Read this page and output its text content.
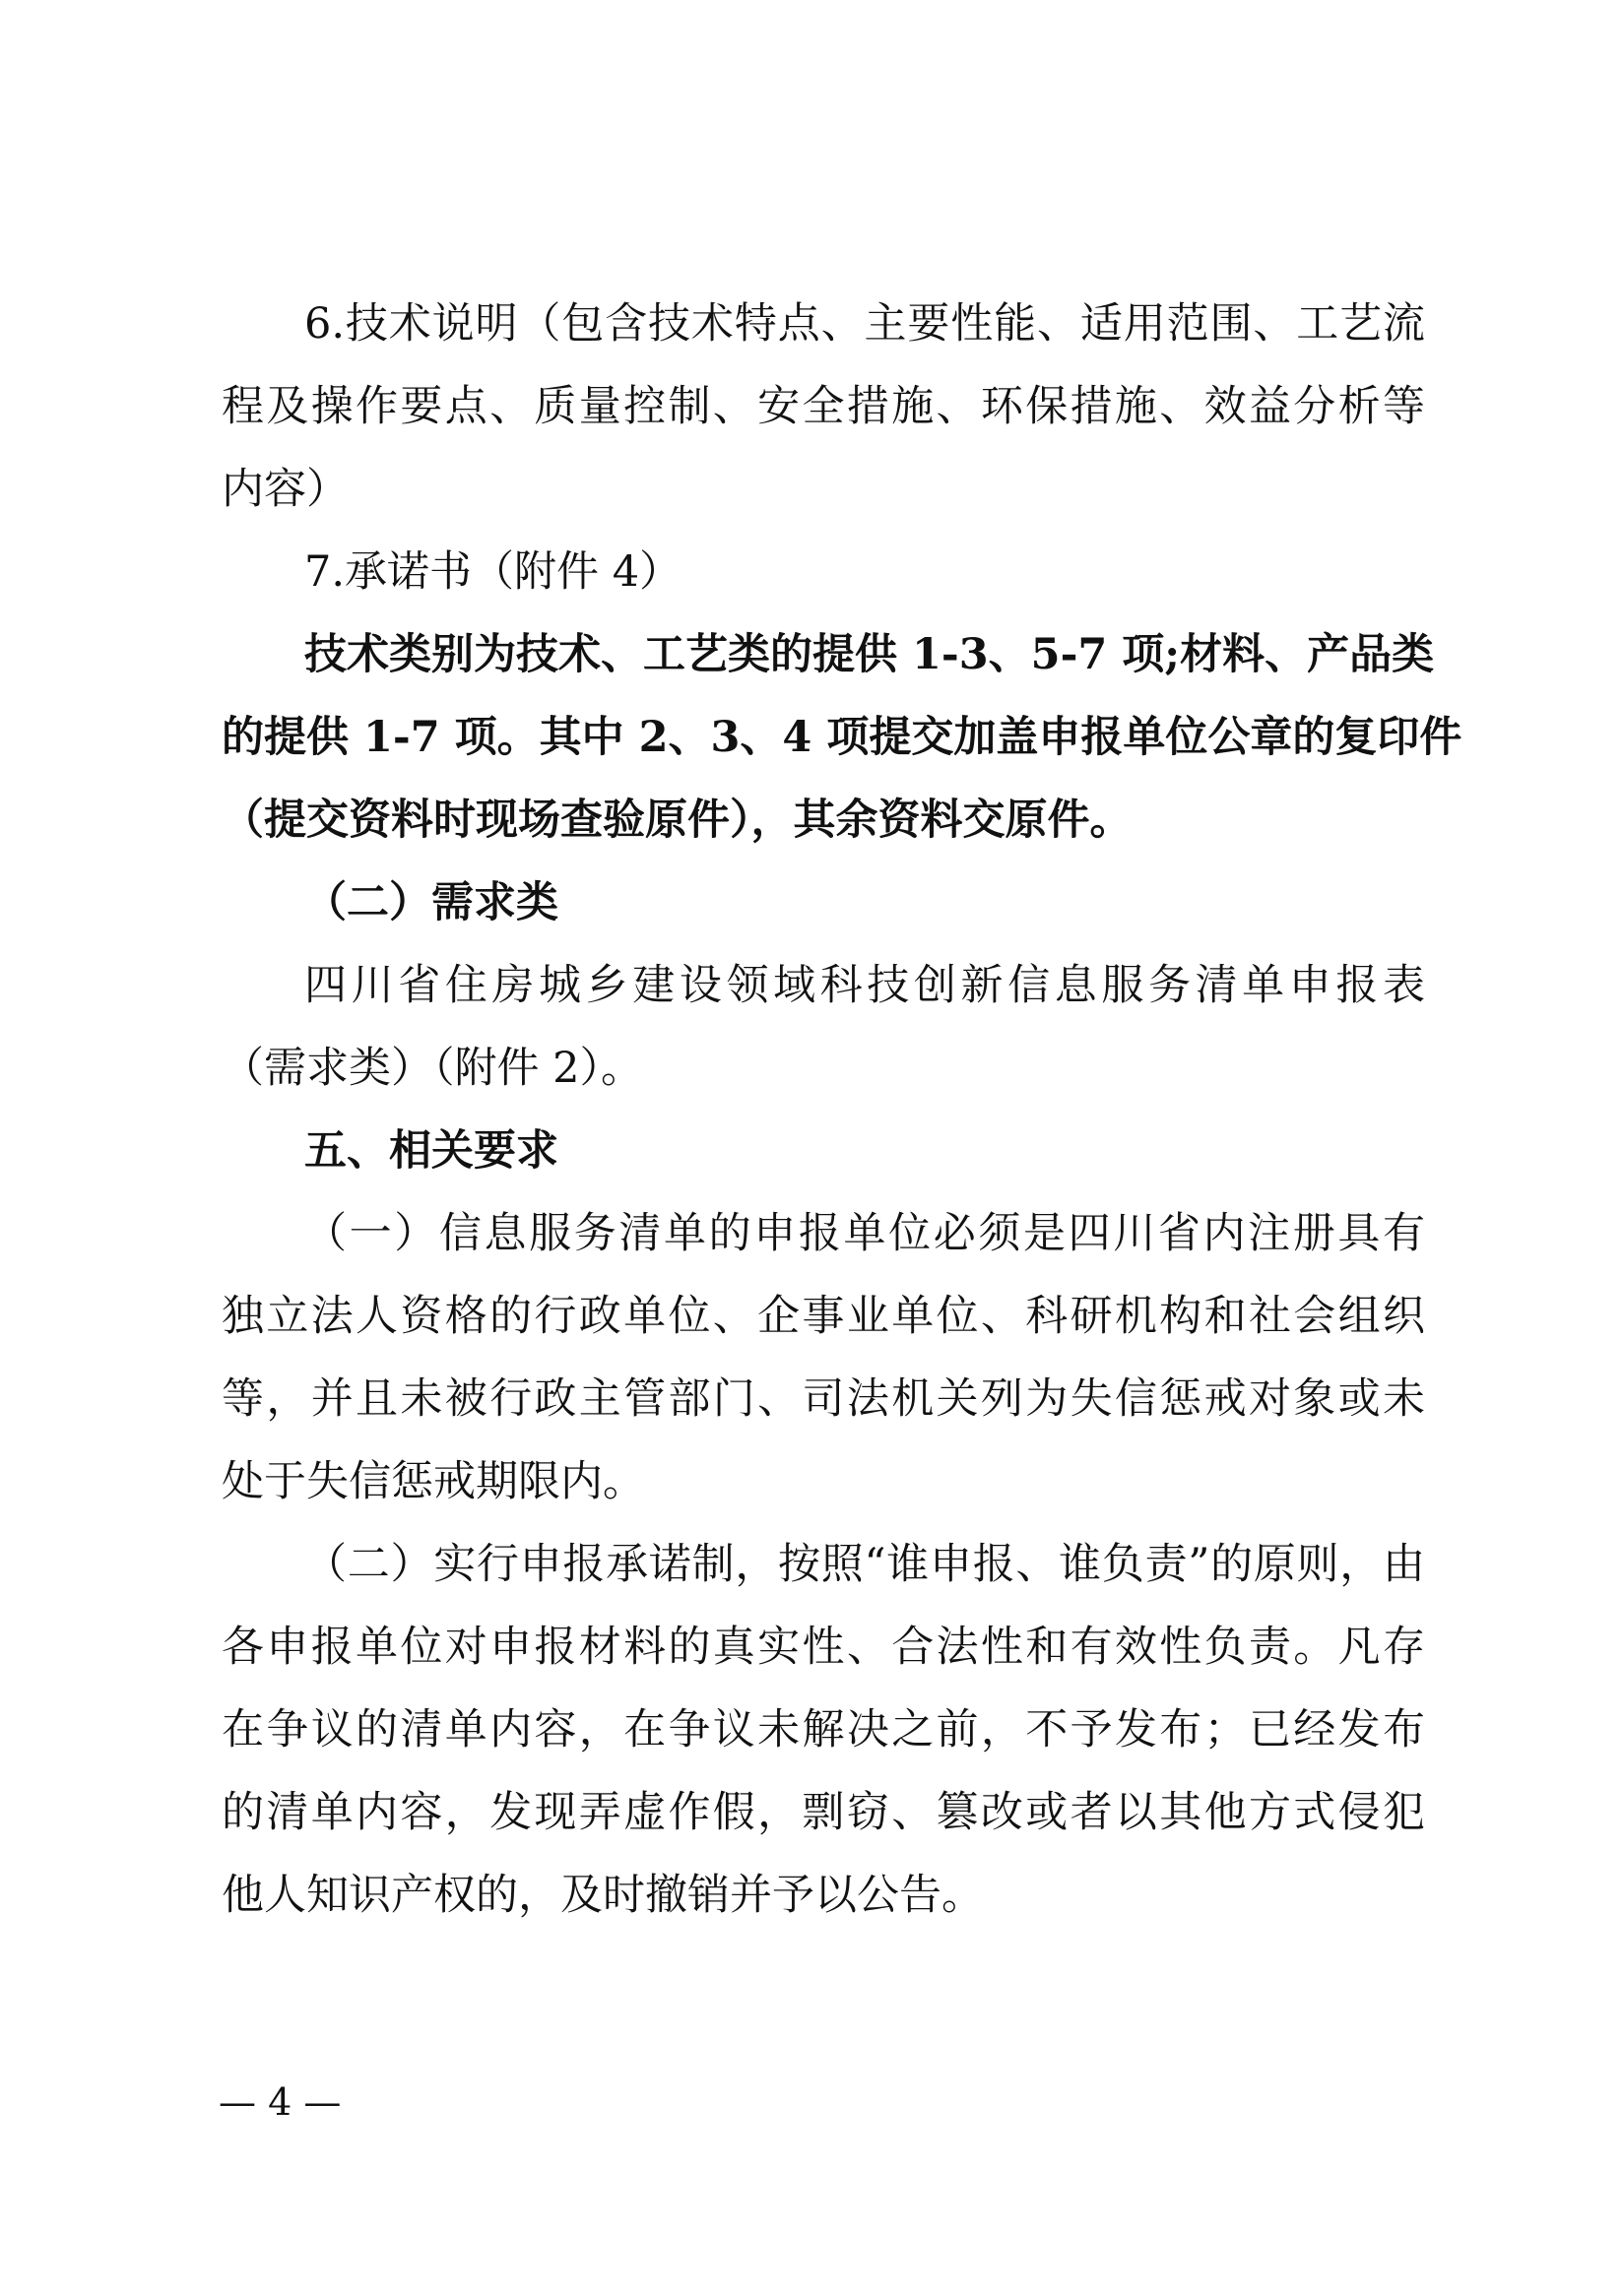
6.技术说明（包含技术特点、主要性能、适用范围、工艺流
程及操作要点、质量控制、安全措施、环保措施、效益分析等
内容）
7.承诺书（附件 4）
技术类别为技术、工艺类的提供 1-3、5-7 项;材料、产品类
的提供 1-7 项。其中 2、3、4 项提交加盖申报单位公章的复印件
（提交资料时现场查验原件），其余资料交原件。
（二）需求类
四川省住房城乡建设领域科技创新信息服务清单申报表
（需求类）（附件 2）。
五、相关要求
（一）信息服务清单的申报单位必须是四川省内注册具有
独立法人资格的行政单位、企事业单位、科研机构和社会组织
等，并且未被行政主管部门、司法机关列为失信惩戒对象或未
处于失信惩戒期限内。
（二）实行申报承诺制，按照“谁申报、谁负责”的原则，由
各申报单位对申报材料的真实性、合法性和有效性负责。凡存
在争议的清单内容，在争议未解决之前，不予发布；已经发布
的清单内容，发现弄虚作假，剽窃、篡改或者以其他方式侵犯
他人知识产权的，及时撤销并予以公告。
— 4 —
